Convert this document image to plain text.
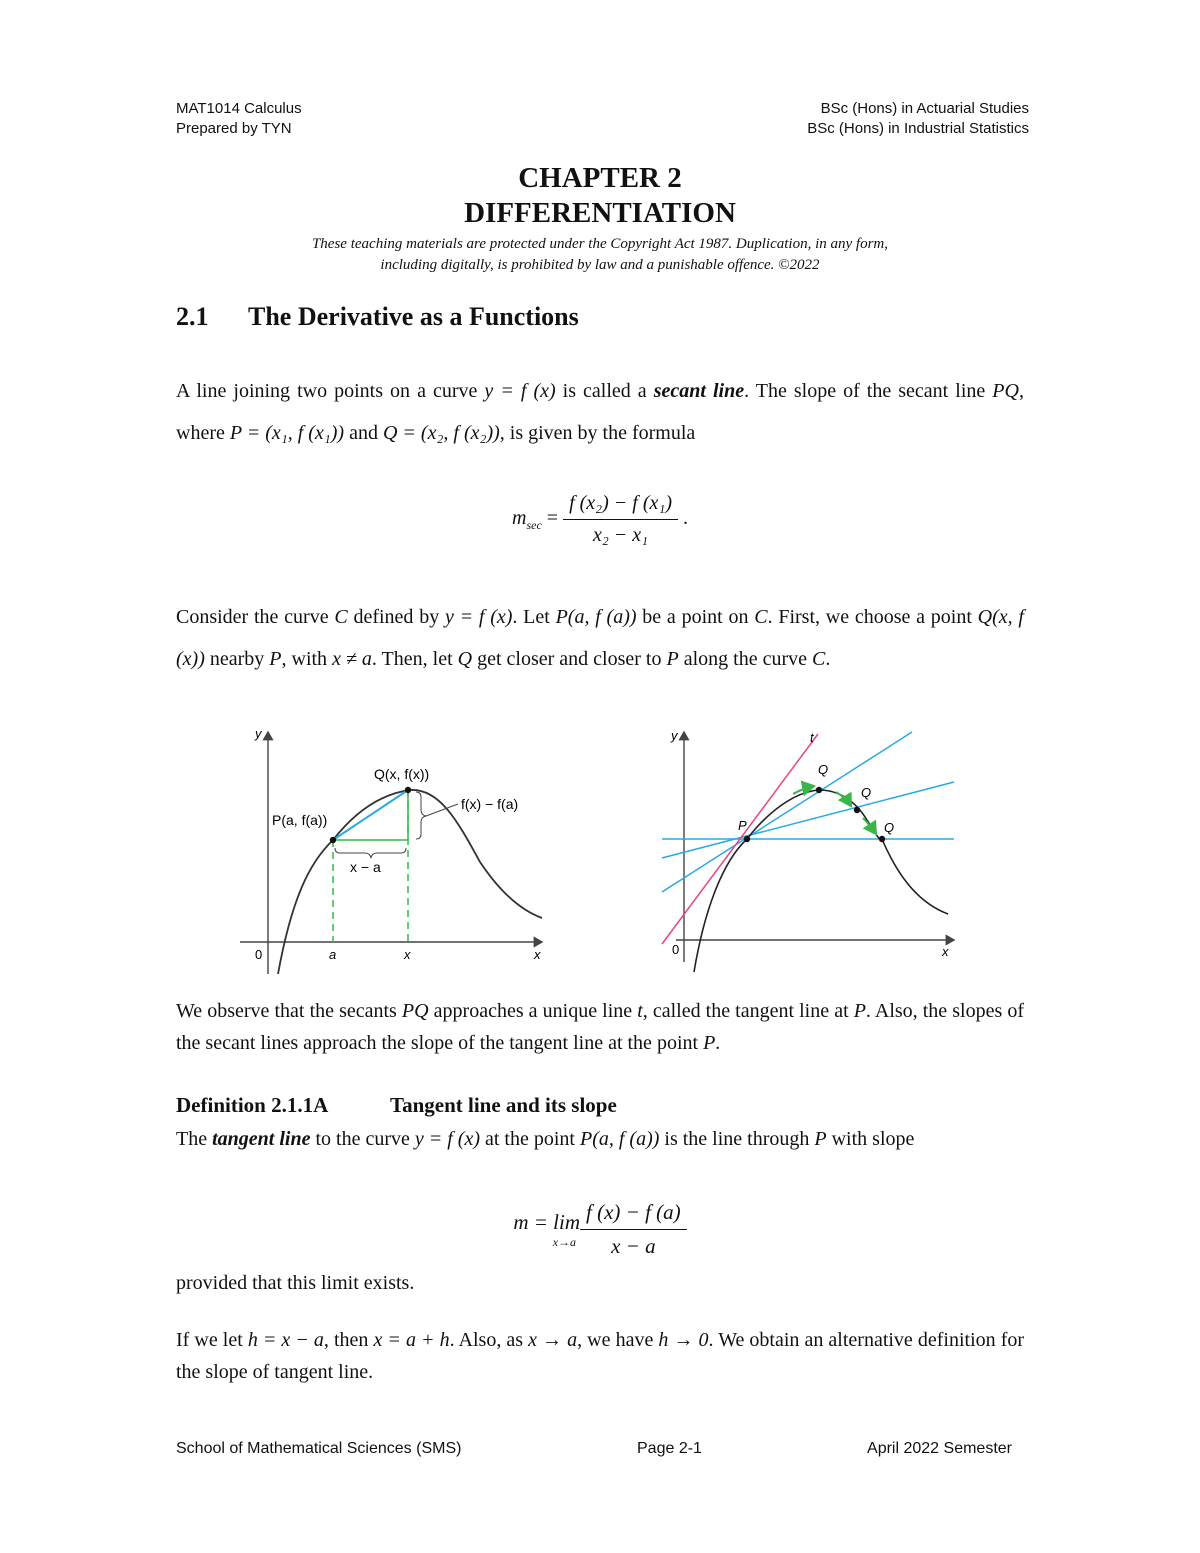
MAT1014 Calculus
Prepared by TYN
BSc (Hons) in Actuarial Studies
BSc (Hons) in Industrial Statistics
CHAPTER 2
DIFFERENTIATION
These teaching materials are protected under the Copyright Act 1987. Duplication, in any form,
including digitally, is prohibited by law and a punishable offence. ©2022
2.1 The Derivative as a Functions
A line joining two points on a curve y = f (x) is called a secant line. The slope of the secant line PQ, where P = (x₁, f (x₁)) and Q = (x₂, f (x₂)), is given by the formula
$m_{sec} = \frac{\text{f (x₂) − f (x₁)}}{\text{x₂ − x₁}}$ .
Consider the curve C defined by y = f (x). Let P(a, f (a)) be a point on C. First, we choose a point Q(x, f (x)) nearby P, with x ≠ a. Then, let Q get closer and closer to P along the curve C.
y
x
0
Q(x, f(x))
P(a, f(a))
f(x) − f(a)
x − a
a	x
y
x
0
t
P
Q
Q
Q
We observe that the secants PQ approaches a unique line t, called the tangent line at P. Also, the slopes of the secant lines approach the slope of the tangent line at the point P.
Definition 2.1.1A	Tangent line and its slope
The tangent line to the curve y = f (x) at the point P(a, f (a)) is the line through P with slope
m = lim
$x\to a \frac{f (x) - f (a)}{x - a}$
provided that this limit exists.
If we let h = x − a, then x = a + h. Also, as x → a, we have h → 0. We obtain an alternative definition for the slope of tangent line.
School of Mathematical Sciences (SMS)	Page 2-1	April 2022 Semester
